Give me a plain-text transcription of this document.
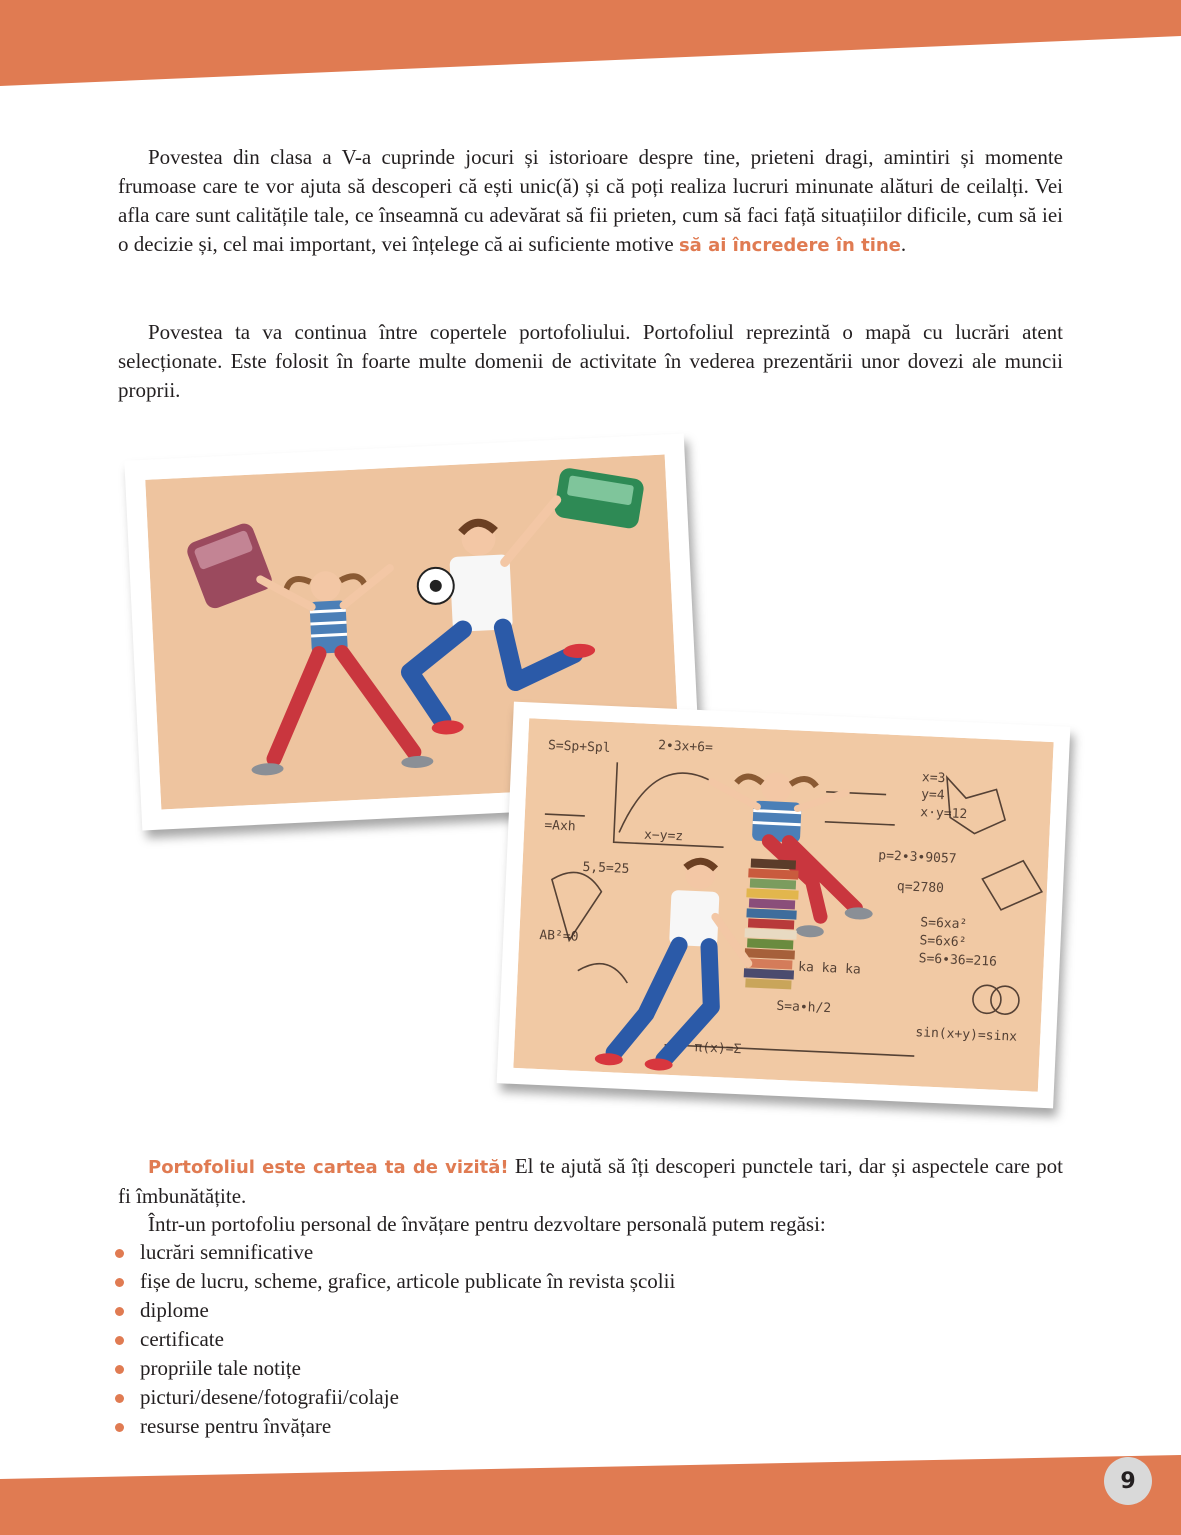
Povestea din clasa a V-a cuprinde jocuri și istorioare despre tine, prieteni dragi, amintiri și momente frumoase care te vor ajuta să descoperi că ești unic(ă) și că poți realiza lucruri minunate alături de ceilalți. Vei afla care sunt calitățile tale, ce înseamnă cu adevărat să fii prieten, cum să faci față situațiilor dificile, cum să iei o decizie și, cel mai important, vei înțelege că ai suficiente motive să ai încredere în tine.

Povestea ta va continua între copertele portofoliului. Portofoliul reprezintă o mapă cu lucrări atent selecționate. Este folosit în foarte multe domenii de activitate în vederea prezentării unor dovezi ale muncii proprii.

S=Sp+Spl	2∙3x+6=
x−y=z
=Axh
x=3
y=4
x·y=12
p=2∙3∙9057
q=2780
S=6xa²
S=6x6²
S=6∙36=216
sin(x+y)=sinx
5,5=25
AB²=0
S=a∙h/2
ka ka ka
π(x)=Σ

Portofoliul este cartea ta de vizită! El te ajută să îți descoperi punctele tari, dar și aspectele care pot fi îmbunătățite.

Într-un portofoliu personal de învățare pentru dezvoltare personală putem regăsi:

lucrări semnificative
fișe de lucru, scheme, grafice, articole publicate în revista școlii
diplome
certificate
propriile tale notițe
picturi/desene/fotografii/colaje
resurse pentru învățare
9
